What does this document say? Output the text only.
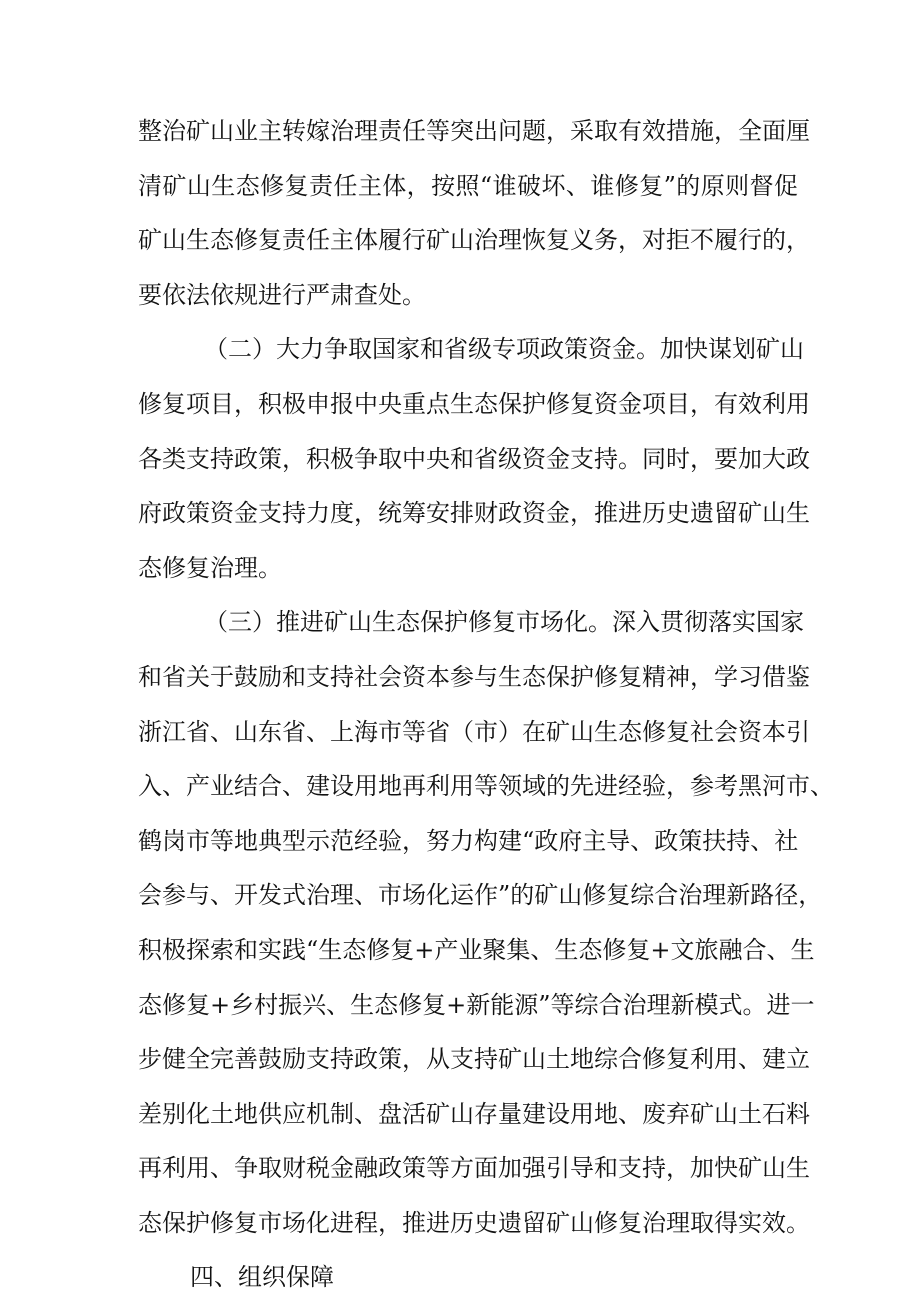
整治矿山业主转嫁治理责任等突出问题，采取有效措施，全面厘
清矿山生态修复责任主体，按照“谁破坏、谁修复”的原则督促
矿山生态修复责任主体履行矿山治理恢复义务，对拒不履行的，
要依法依规进行严肃查处。
（二）大力争取国家和省级专项政策资金。加快谋划矿山
修复项目，积极申报中央重点生态保护修复资金项目，有效利用
各类支持政策，积极争取中央和省级资金支持。同时，要加大政
府政策资金支持力度，统筹安排财政资金，推进历史遗留矿山生
态修复治理。
（三）推进矿山生态保护修复市场化。深入贯彻落实国家
和省关于鼓励和支持社会资本参与生态保护修复精神，学习借鉴
浙江省、山东省、上海市等省（市）在矿山生态修复社会资本引
入、产业结合、建设用地再利用等领域的先进经验，参考黑河市、
鹤岗市等地典型示范经验，努力构建“政府主导、政策扶持、社
会参与、开发式治理、市场化运作”的矿山修复综合治理新路径，
积极探索和实践“生态修复+产业聚集、生态修复+文旅融合、生
态修复+乡村振兴、生态修复+新能源”等综合治理新模式。进一
步健全完善鼓励支持政策，从支持矿山土地综合修复利用、建立
差别化土地供应机制、盘活矿山存量建设用地、废弃矿山土石料
再利用、争取财税金融政策等方面加强引导和支持，加快矿山生
态保护修复市场化进程，推进历史遗留矿山修复治理取得实效。
四、组织保障
